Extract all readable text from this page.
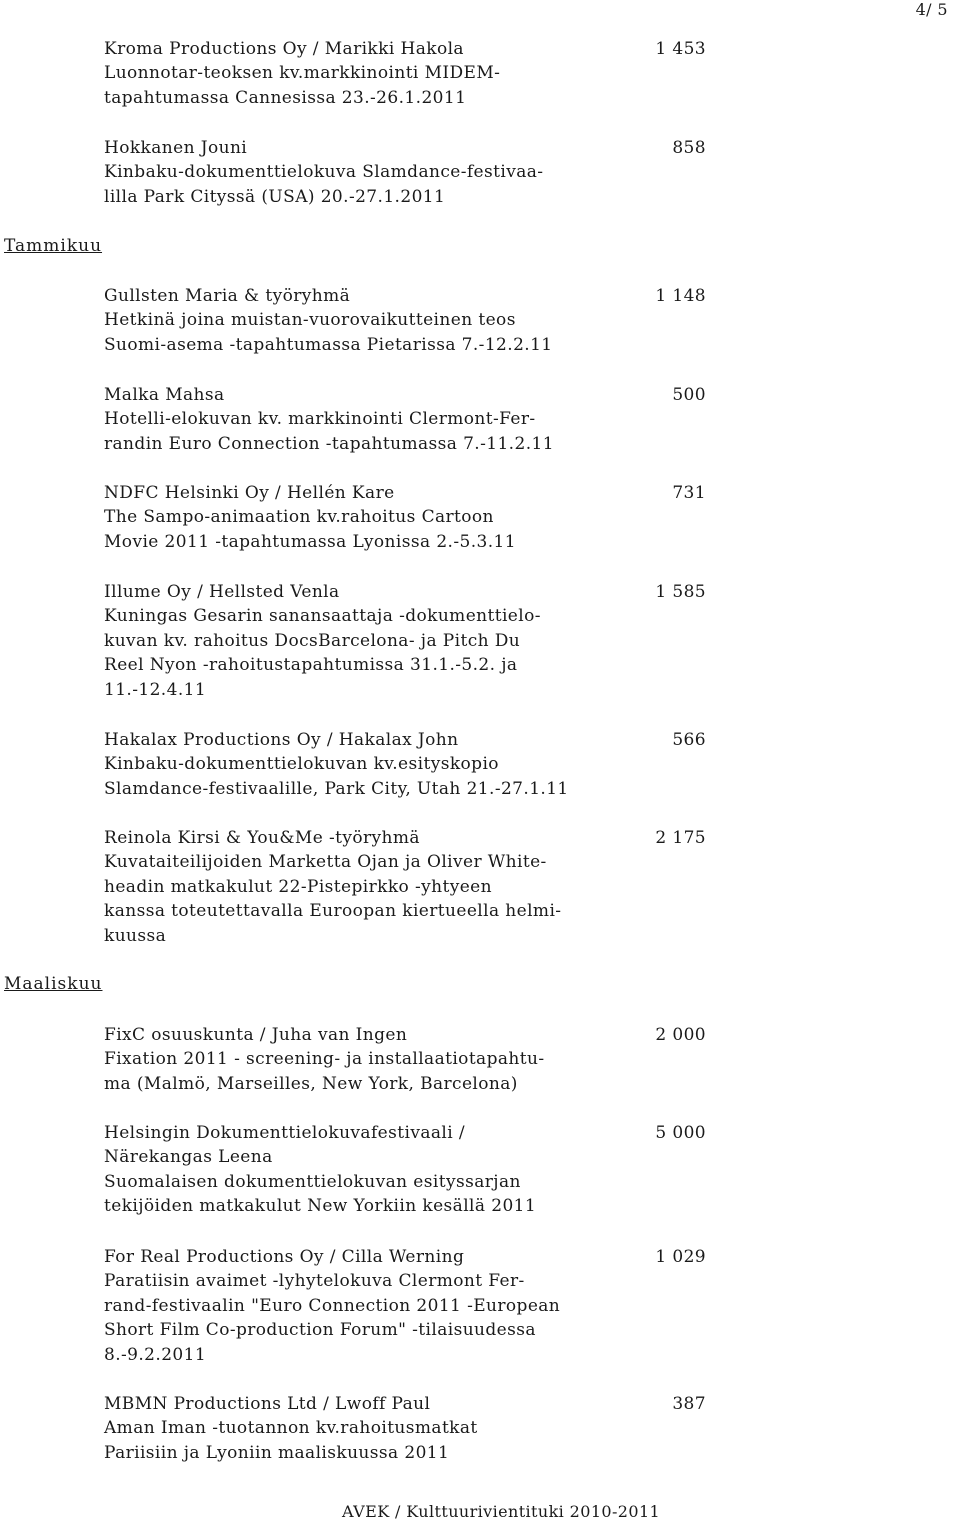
4/ 5
Tammikuu
Maaliskuu
Kroma Productions Oy / Marikki Hakola
Luonnotar-teoksen kv.markkinointi MIDEM-
tapahtumassa Cannesissa 23.-26.1.2011
1 453
Hokkanen Jouni
Kinbaku-dokumenttielokuva Slamdance-festivaa-
lilla Park Cityssä (USA) 20.-27.1.2011
858
Gullsten Maria & työryhmä
Hetkinä joina muistan-vuorovaikutteinen teos
Suomi-asema -tapahtumassa Pietarissa 7.-12.2.11
1 148
Malka Mahsa
Hotelli-elokuvan kv. markkinointi Clermont-Fer-
randin Euro Connection -tapahtumassa 7.-11.2.11
500
NDFC Helsinki Oy / Hellén Kare
The Sampo-animaation kv.rahoitus Cartoon
Movie 2011 -tapahtumassa Lyonissa 2.-5.3.11
731
Illume Oy / Hellsted Venla
Kuningas Gesarin sanansaattaja -dokumenttielo-
kuvan kv. rahoitus DocsBarcelona- ja Pitch Du
Reel Nyon -rahoitustapahtumissa 31.1.-5.2. ja
11.-12.4.11
1 585
Hakalax Productions Oy / Hakalax John
Kinbaku-dokumenttielokuvan kv.esityskopio
Slamdance-festivaalille, Park City, Utah 21.-27.1.11
566
Reinola Kirsi & You&Me -työryhmä
Kuvataiteilijoiden Marketta Ojan ja Oliver White-
headin matkakulut 22-Pistepirkko -yhtyeen
kanssa toteutettavalla Euroopan kiertueella helmi-
kuussa
2 175
FixC osuuskunta / Juha van Ingen
Fixation 2011 - screening- ja installaatiotapahtu-
ma (Malmö, Marseilles, New York, Barcelona)
2 000
Helsingin Dokumenttielokuvafestivaali /
Närekangas Leena
Suomalaisen dokumenttielokuvan esityssarjan
tekijöiden matkakulut New Yorkiin kesällä 2011
5 000
For Real Productions Oy / Cilla Werning
Paratiisin avaimet -lyhytelokuva Clermont Fer-
rand-festivaalin "Euro Connection 2011 -European
Short Film Co-production Forum" -tilaisuudessa
8.-9.2.2011
1 029
MBMN Productions Ltd / Lwoff Paul
Aman Iman -tuotannon kv.rahoitusmatkat
Pariisiin ja Lyoniin maaliskuussa 2011
387
AVEK / Kulttuurivientituki 2010-2011
